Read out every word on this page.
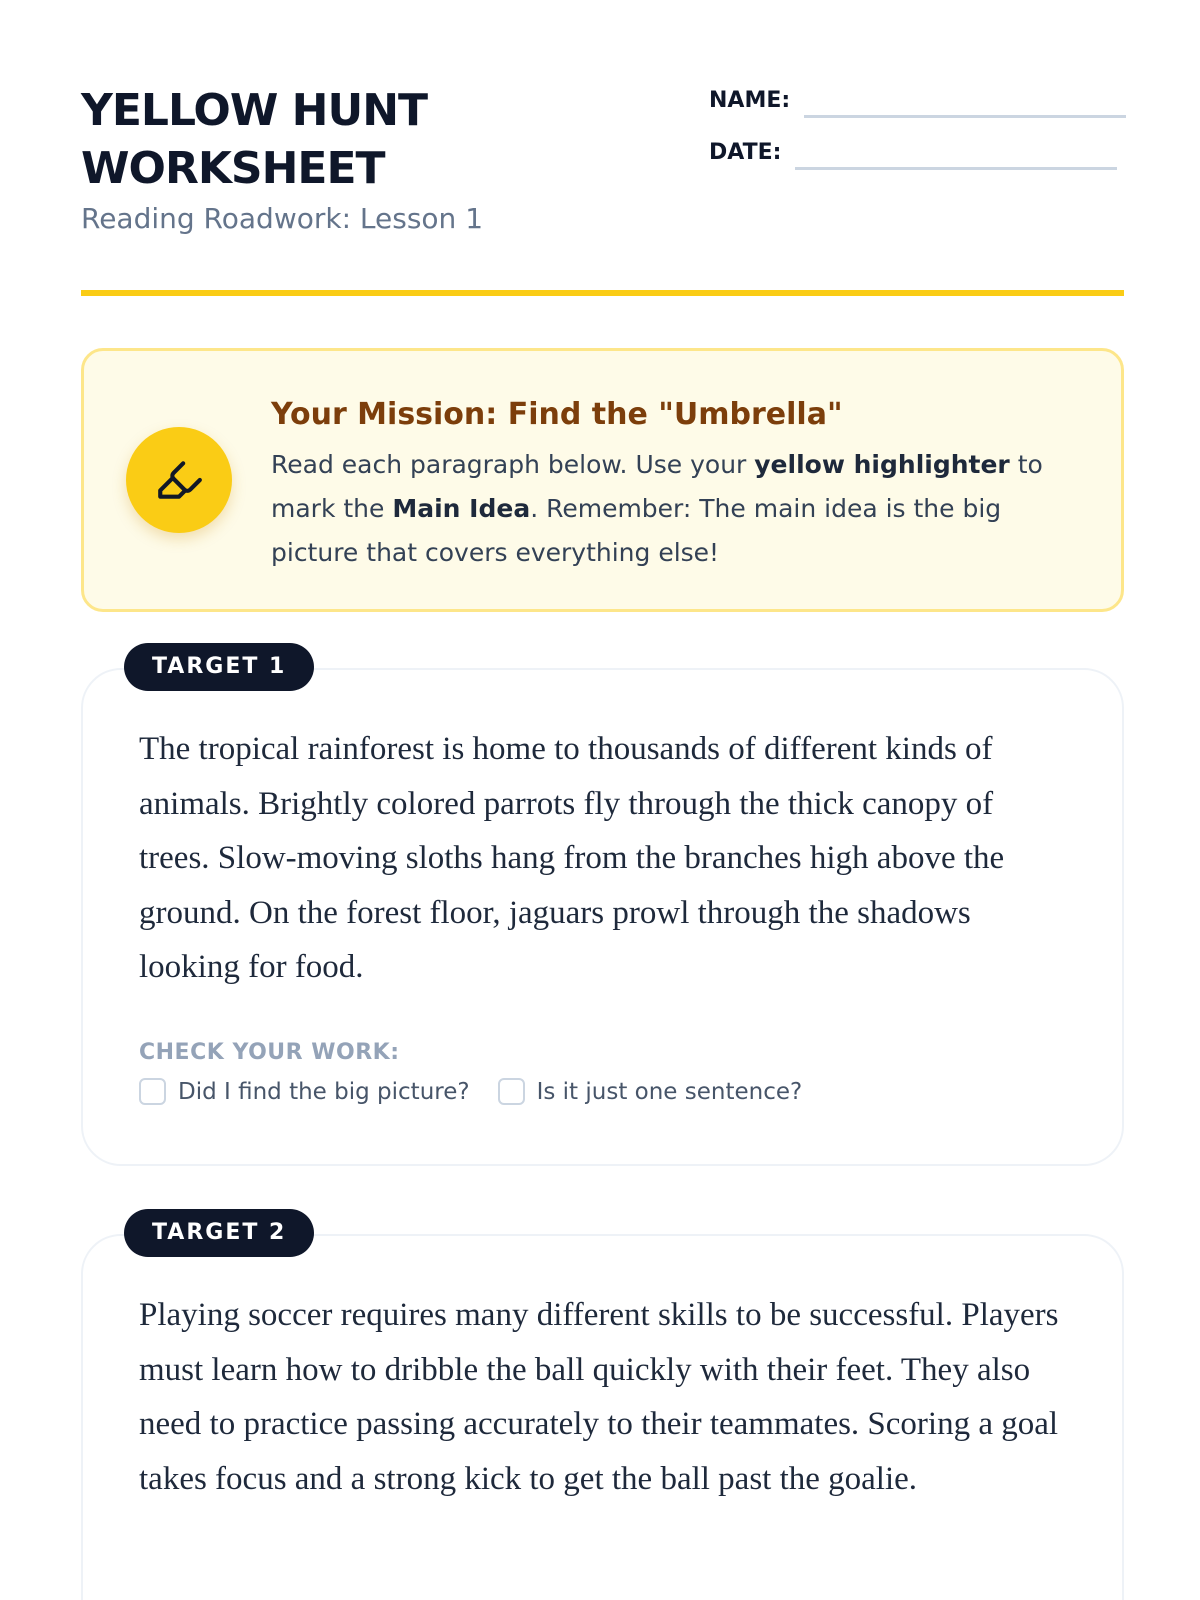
YELLOW HUNT WORKSHEET
Reading Roadwork: Lesson 1
NAME:
DATE:
Your Mission: Find the "Umbrella"
Read each paragraph below. Use your yellow highlighter to mark the Main Idea. Remember: The main idea is the big picture that covers everything else!
The tropical rainforest is home to thousands of different kinds of animals. Brightly colored parrots fly through the thick canopy of trees. Slow-moving sloths hang from the branches high above the ground. On the forest floor, jaguars prowl through the shadows looking for food.
CHECK YOUR WORK:
Did I find the big picture?	Is it just one sentence?
TARGET 1
Playing soccer requires many different skills to be successful. Players must learn how to dribble the ball quickly with their feet. They also need to practice passing accurately to their teammates. Scoring a goal takes focus and a strong kick to get the ball past the goalie.
TARGET 2
